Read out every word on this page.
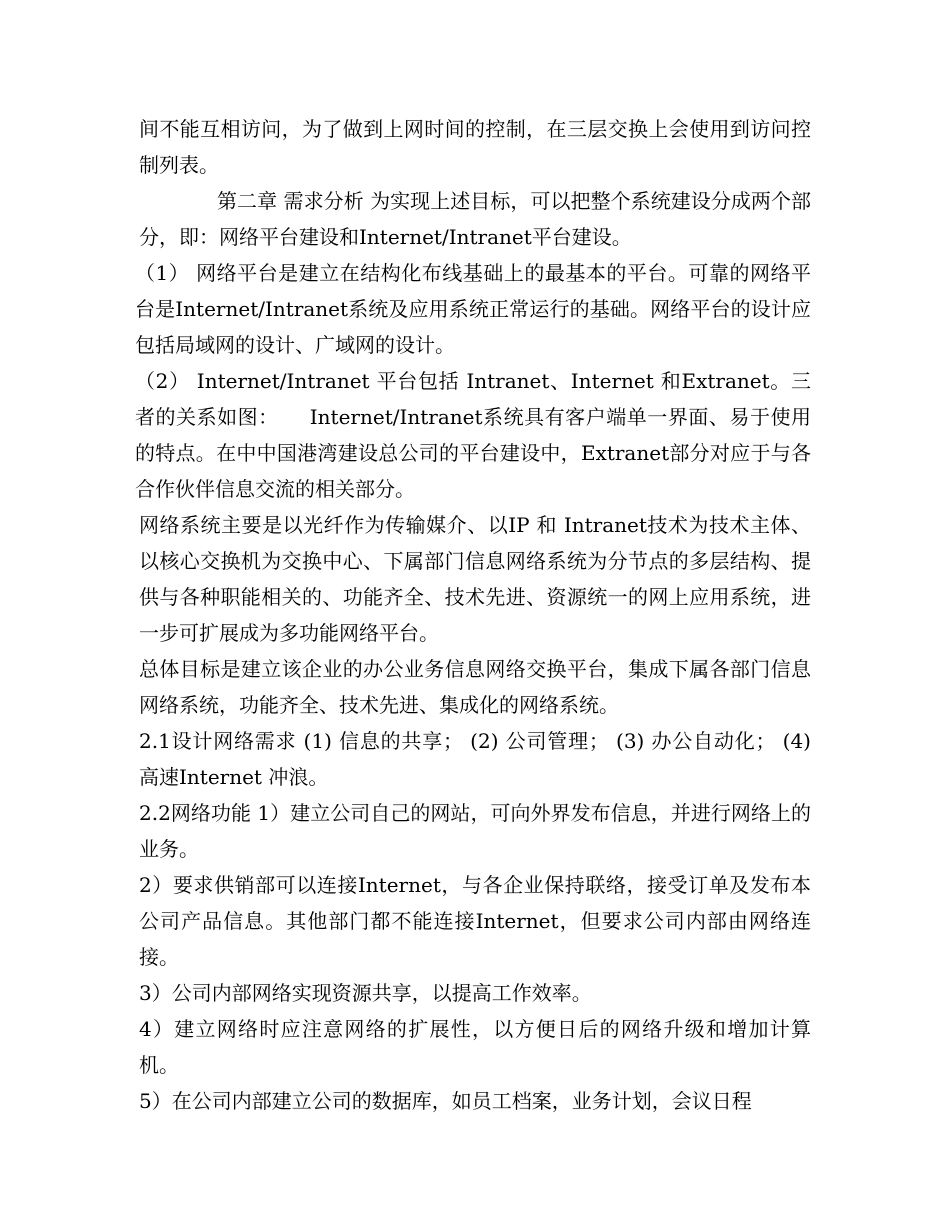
间不能互相访问，为了做到上网时间的控制，在三层交换上会使用到访问控制列表。

第二章 需求分析 为实现上述目标，可以把整个系统建设分成两个部分，即：网络平台建设和Internet/Intranet平台建设。

（1） 网络平台是建立在结构化布线基础上的最基本的平台。可靠的网络平台是Internet/Intranet系统及应用系统正常运行的基础。网络平台的设计应包括局域网的设计、广域网的设计。

（2） Internet/Intranet 平台包括 Intranet、Internet 和Extranet。三者的关系如图：　　Internet/Intranet系统具有客户端单一界面、易于使用的特点。在中中国港湾建设总公司的平台建设中，Extranet部分对应于与各合作伙伴信息交流的相关部分。

网络系统主要是以光纤作为传输媒介、以IP 和 Intranet技术为技术主体、以核心交换机为交换中心、下属部门信息网络系统为分节点的多层结构、提供与各种职能相关的、功能齐全、技术先进、资源统一的网上应用系统，进一步可扩展成为多功能网络平台。

总体目标是建立该企业的办公业务信息网络交换平台，集成下属各部门信息网络系统，功能齐全、技术先进、集成化的网络系统。

2.1设计网络需求 (1) 信息的共享； (2) 公司管理； (3) 办公自动化； (4) 高速Internet 冲浪。

2.2网络功能 1）建立公司自己的网站，可向外界发布信息，并进行网络上的业务。

2）要求供销部可以连接Internet，与各企业保持联络，接受订单及发布本公司产品信息。其他部门都不能连接Internet，但要求公司内部由网络连接。

3）公司内部网络实现资源共享，以提高工作效率。

4）建立网络时应注意网络的扩展性，以方便日后的网络升级和增加计算机。

5）在公司内部建立公司的数据库，如员工档案，业务计划，会议日程
